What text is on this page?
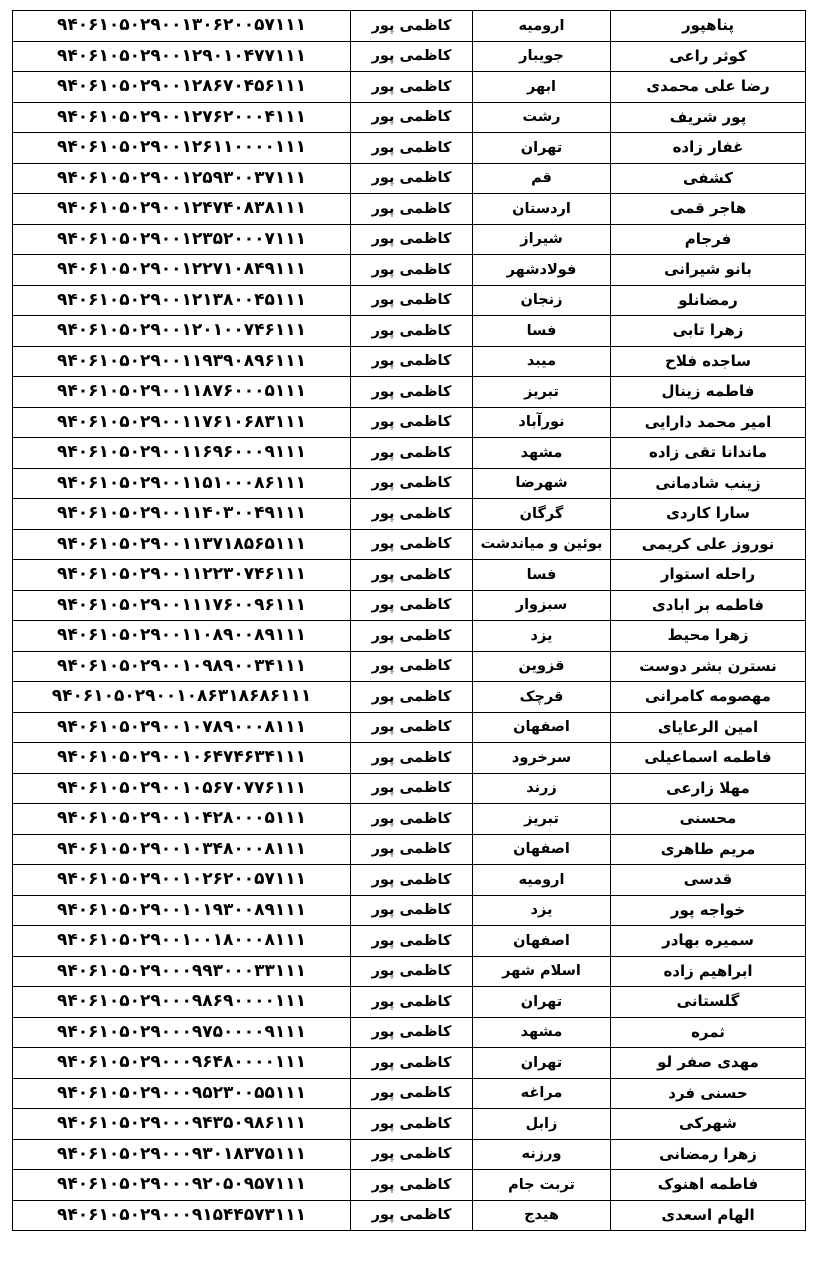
پناهپور	ارومیه	کاظمی پور	۹۴۰۶۱۰۵۰۲۹۰۰۱۳۰۶۲۰۰۵۷۱۱۱
کوثر راعی	جویبار	کاظمی پور	۹۴۰۶۱۰۵۰۲۹۰۰۱۲۹۰۱۰۴۷۷۱۱۱
رضا علی محمدی	ابهر	کاظمی پور	۹۴۰۶۱۰۵۰۲۹۰۰۱۲۸۶۷۰۴۵۶۱۱۱
پور شریف	رشت	کاظمی پور	۹۴۰۶۱۰۵۰۲۹۰۰۱۲۷۶۲۰۰۰۴۱۱۱
غفار زاده	تهران	کاظمی پور	۹۴۰۶۱۰۵۰۲۹۰۰۱۲۶۱۱۰۰۰۰۱۱۱
کشفی	قم	کاظمی پور	۹۴۰۶۱۰۵۰۲۹۰۰۱۲۵۹۳۰۰۳۷۱۱۱
هاجر قمی	اردستان	کاظمی پور	۹۴۰۶۱۰۵۰۲۹۰۰۱۲۴۷۴۰۸۳۸۱۱۱
فرجام	شیراز	کاظمی پور	۹۴۰۶۱۰۵۰۲۹۰۰۱۲۳۵۲۰۰۰۷۱۱۱
بانو شیرانی	فولادشهر	کاظمی پور	۹۴۰۶۱۰۵۰۲۹۰۰۱۲۲۷۱۰۸۴۹۱۱۱
رمضانلو	زنجان	کاظمی پور	۹۴۰۶۱۰۵۰۲۹۰۰۱۲۱۳۸۰۰۴۵۱۱۱
زهرا تابی	فسا	کاظمی پور	۹۴۰۶۱۰۵۰۲۹۰۰۱۲۰۱۰۰۷۴۶۱۱۱
ساجده فلاح	میبد	کاظمی پور	۹۴۰۶۱۰۵۰۲۹۰۰۱۱۹۳۹۰۸۹۶۱۱۱
فاطمه زینال	تبریز	کاظمی پور	۹۴۰۶۱۰۵۰۲۹۰۰۱۱۸۷۶۰۰۰۵۱۱۱
امیر محمد دارایی	نورآباد	کاظمی پور	۹۴۰۶۱۰۵۰۲۹۰۰۱۱۷۶۱۰۶۸۳۱۱۱
ماندانا تقی زاده	مشهد	کاظمی پور	۹۴۰۶۱۰۵۰۲۹۰۰۱۱۶۹۶۰۰۰۹۱۱۱
زینب شادمانی	شهرضا	کاظمی پور	۹۴۰۶۱۰۵۰۲۹۰۰۱۱۵۱۰۰۰۸۶۱۱۱
سارا کاردی	گرگان	کاظمی پور	۹۴۰۶۱۰۵۰۲۹۰۰۱۱۴۰۳۰۰۴۹۱۱۱
نوروز علی کریمی	بوئین و میاندشت	کاظمی پور	۹۴۰۶۱۰۵۰۲۹۰۰۱۱۳۷۱۸۵۶۵۱۱۱
راحله استوار	فسا	کاظمی پور	۹۴۰۶۱۰۵۰۲۹۰۰۱۱۲۲۳۰۷۴۶۱۱۱
فاطمه بر ابادی	سبزوار	کاظمی پور	۹۴۰۶۱۰۵۰۲۹۰۰۱۱۱۷۶۰۰۹۶۱۱۱
زهرا محیط	یزد	کاظمی پور	۹۴۰۶۱۰۵۰۲۹۰۰۱۱۰۸۹۰۰۸۹۱۱۱
نسترن بشر دوست	قزوین	کاظمی پور	۹۴۰۶۱۰۵۰۲۹۰۰۱۰۹۸۹۰۰۳۴۱۱۱
مهصومه کامرانی	قرچک	کاظمی پور	۹۴۰۶۱۰۵۰۲۹۰۰۱۰۸۶۳۱۸۶۸۶۱۱۱
امین الرعایای	اصفهان	کاظمی پور	۹۴۰۶۱۰۵۰۲۹۰۰۱۰۷۸۹۰۰۰۸۱۱۱
فاطمه اسماعیلی	سرخرود	کاظمی پور	۹۴۰۶۱۰۵۰۲۹۰۰۱۰۶۴۷۴۶۳۴۱۱۱
مهلا زارعی	زرند	کاظمی پور	۹۴۰۶۱۰۵۰۲۹۰۰۱۰۵۶۷۰۷۷۶۱۱۱
محسنی	تبریز	کاظمی پور	۹۴۰۶۱۰۵۰۲۹۰۰۱۰۴۲۸۰۰۰۵۱۱۱
مریم طاهری	اصفهان	کاظمی پور	۹۴۰۶۱۰۵۰۲۹۰۰۱۰۳۴۸۰۰۰۸۱۱۱
قدسی	ارومیه	کاظمی پور	۹۴۰۶۱۰۵۰۲۹۰۰۱۰۲۶۲۰۰۵۷۱۱۱
خواجه پور	یزد	کاظمی پور	۹۴۰۶۱۰۵۰۲۹۰۰۱۰۱۹۳۰۰۸۹۱۱۱
سمیره بهادر	اصفهان	کاظمی پور	۹۴۰۶۱۰۵۰۲۹۰۰۱۰۰۱۸۰۰۰۸۱۱۱
ابراهیم زاده	اسلام شهر	کاظمی پور	۹۴۰۶۱۰۵۰۲۹۰۰۰۹۹۳۰۰۰۳۳۱۱۱
گلستانی	تهران	کاظمی پور	۹۴۰۶۱۰۵۰۲۹۰۰۰۹۸۶۹۰۰۰۰۱۱۱
ثمره	مشهد	کاظمی پور	۹۴۰۶۱۰۵۰۲۹۰۰۰۹۷۵۰۰۰۰۹۱۱۱
مهدی صفر لو	تهران	کاظمی پور	۹۴۰۶۱۰۵۰۲۹۰۰۰۹۶۴۸۰۰۰۰۱۱۱
حسنی فرد	مراغه	کاظمی پور	۹۴۰۶۱۰۵۰۲۹۰۰۰۹۵۲۳۰۰۵۵۱۱۱
شهرکی	زابل	کاظمی پور	۹۴۰۶۱۰۵۰۲۹۰۰۰۹۴۳۵۰۹۸۶۱۱۱
زهرا رمضانی	ورزنه	کاظمی پور	۹۴۰۶۱۰۵۰۲۹۰۰۰۹۳۰۱۸۳۷۵۱۱۱
فاطمه اهنوک	تربت جام	کاظمی پور	۹۴۰۶۱۰۵۰۲۹۰۰۰۹۲۰۵۰۹۵۷۱۱۱
الهام اسعدی	هیدج	کاظمی پور	۹۴۰۶۱۰۵۰۲۹۰۰۰۹۱۵۴۴۵۷۳۱۱۱
